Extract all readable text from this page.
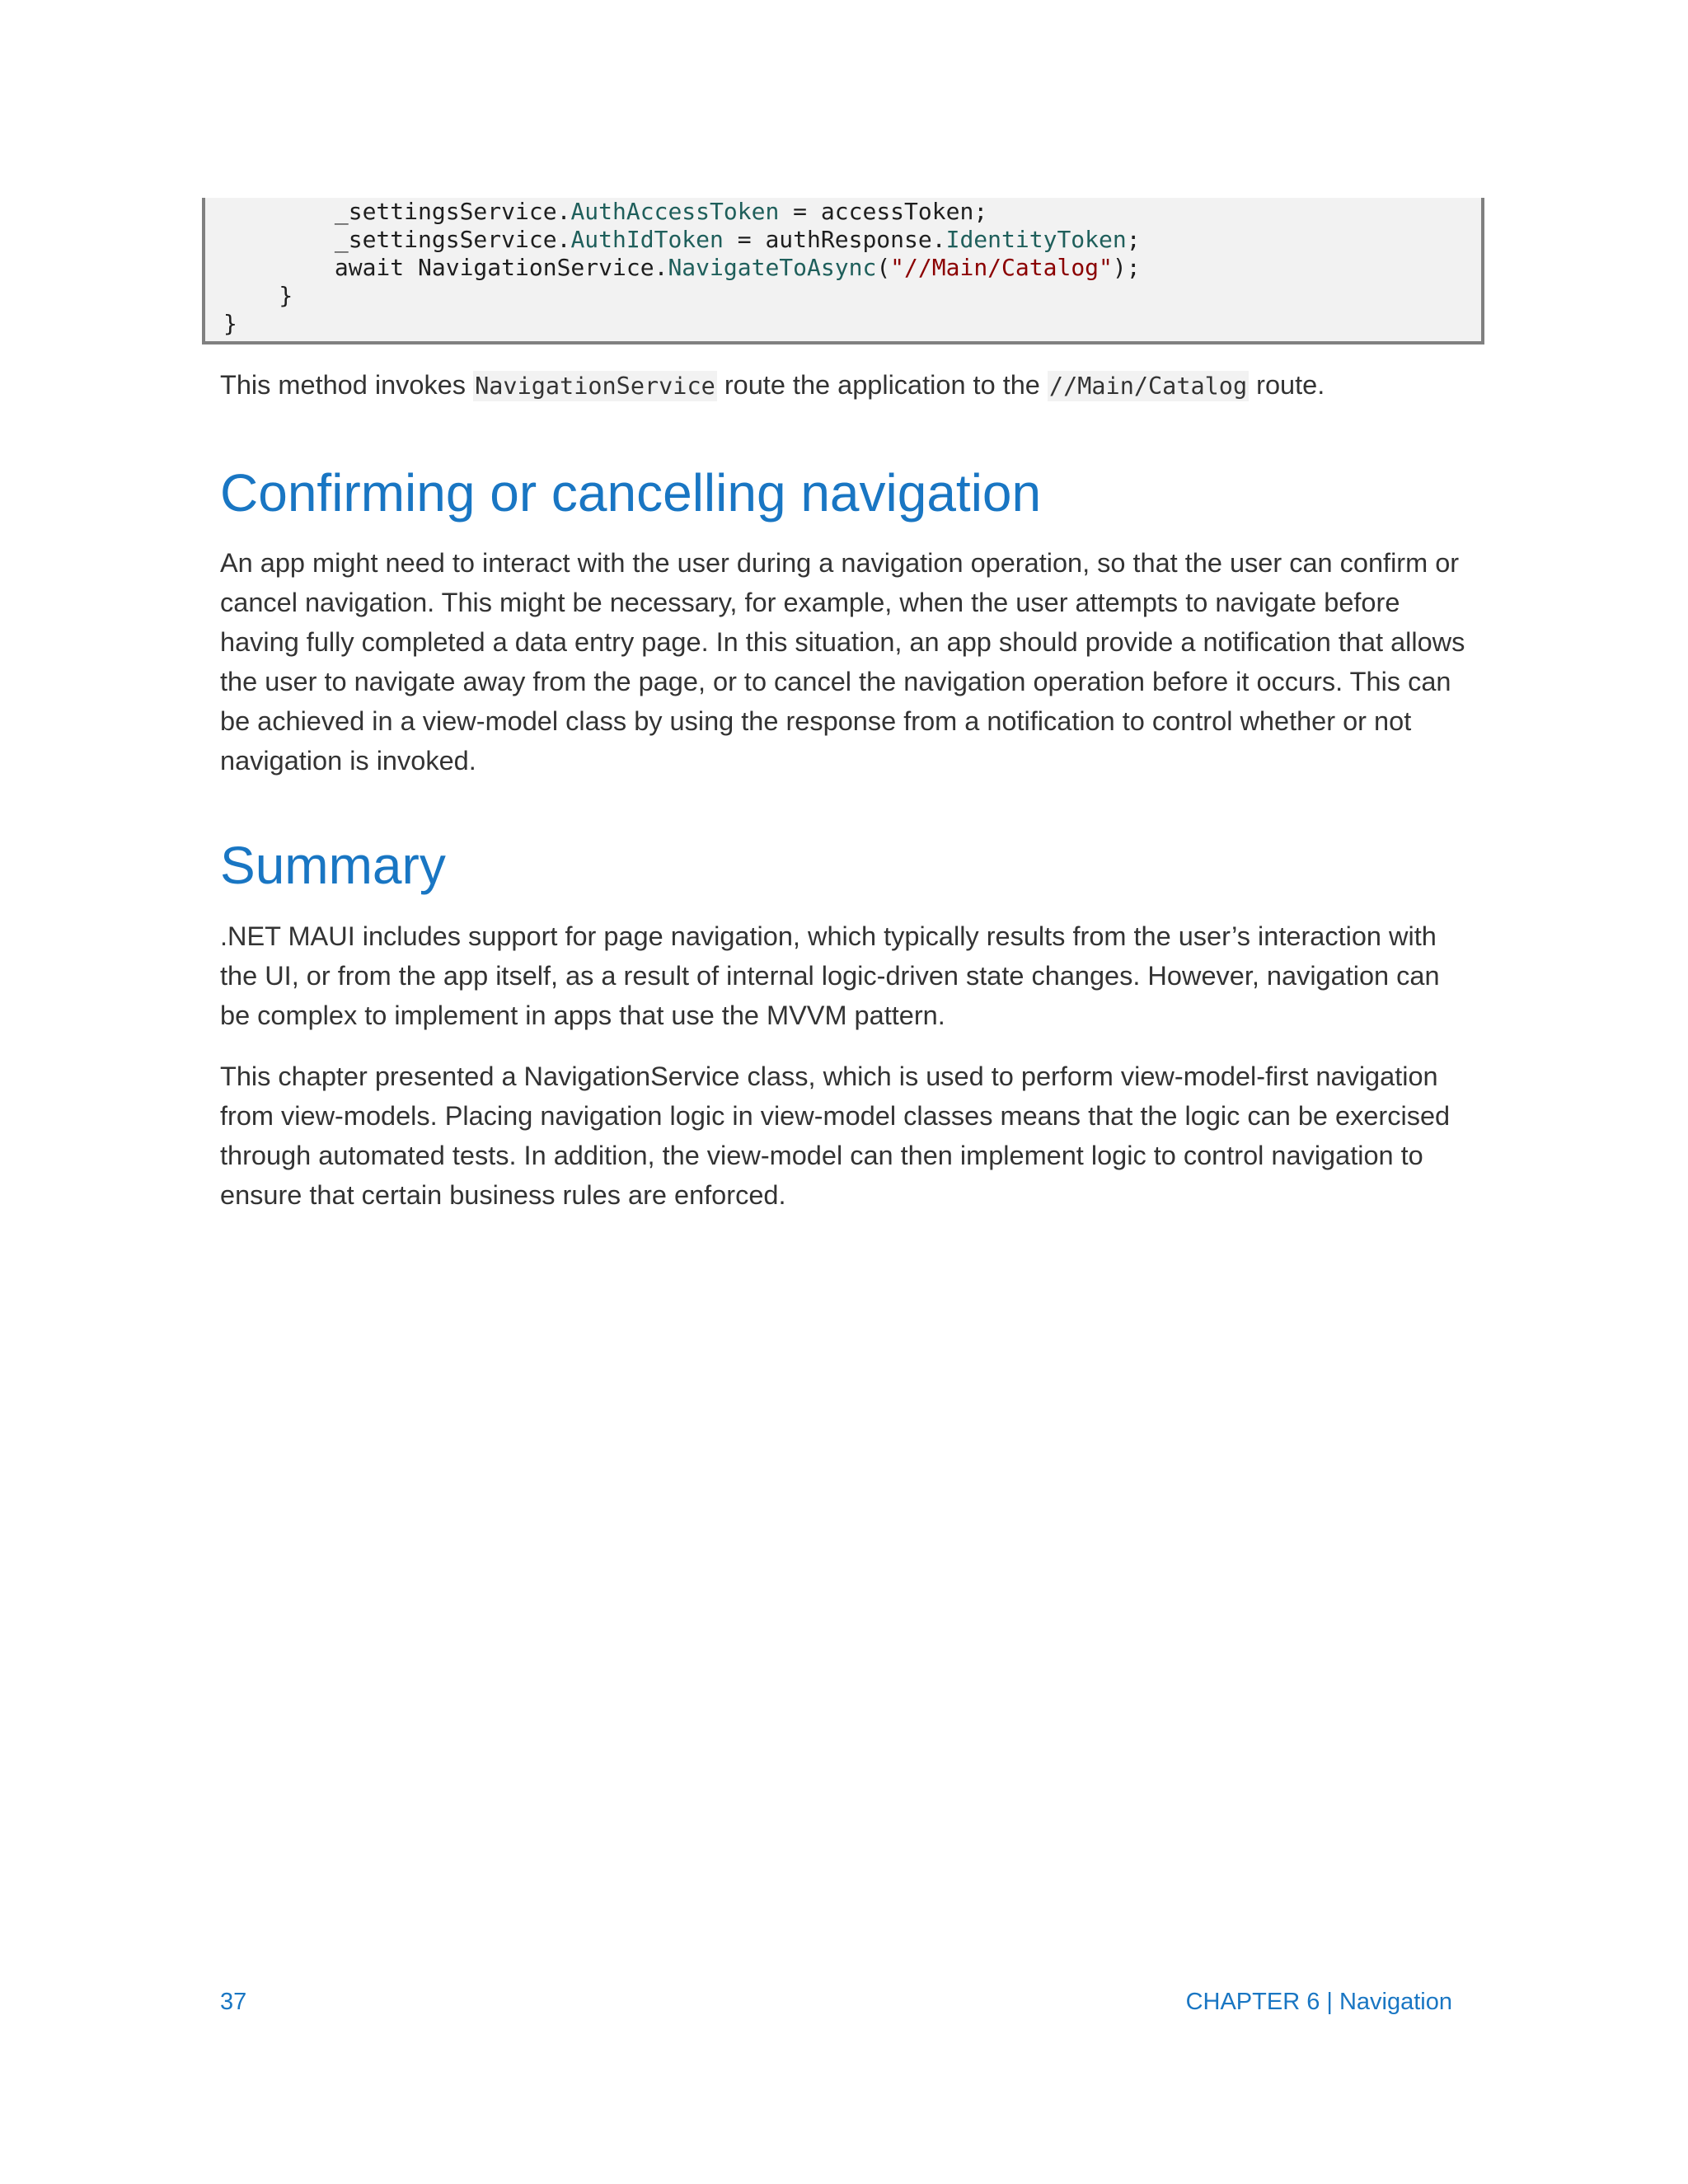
_settingsService.AuthAccessToken = accessToken;
_settingsService.AuthIdToken = authResponse.IdentityToken;
await NavigationService.NavigateToAsync("//Main/Catalog");
}
}

This method invokes NavigationService route the application to the //Main/Catalog route.

Confirming or cancelling navigation

An app might need to interact with the user during a navigation operation, so that the user can confirm or cancel navigation. This might be necessary, for example, when the user attempts to navigate before having fully completed a data entry page. In this situation, an app should provide a notification that allows the user to navigate away from the page, or to cancel the navigation operation before it occurs. This can be achieved in a view-model class by using the response from a notification to control whether or not navigation is invoked.

Summary

.NET MAUI includes support for page navigation, which typically results from the user’s interaction with the UI, or from the app itself, as a result of internal logic-driven state changes. However, navigation can be complex to implement in apps that use the MVVM pattern.

This chapter presented a NavigationService class, which is used to perform view-model-first navigation from view-models. Placing navigation logic in view-model classes means that the logic can be exercised through automated tests. In addition, the view-model can then implement logic to control navigation to ensure that certain business rules are enforced.

37	CHAPTER 6 | Navigation
